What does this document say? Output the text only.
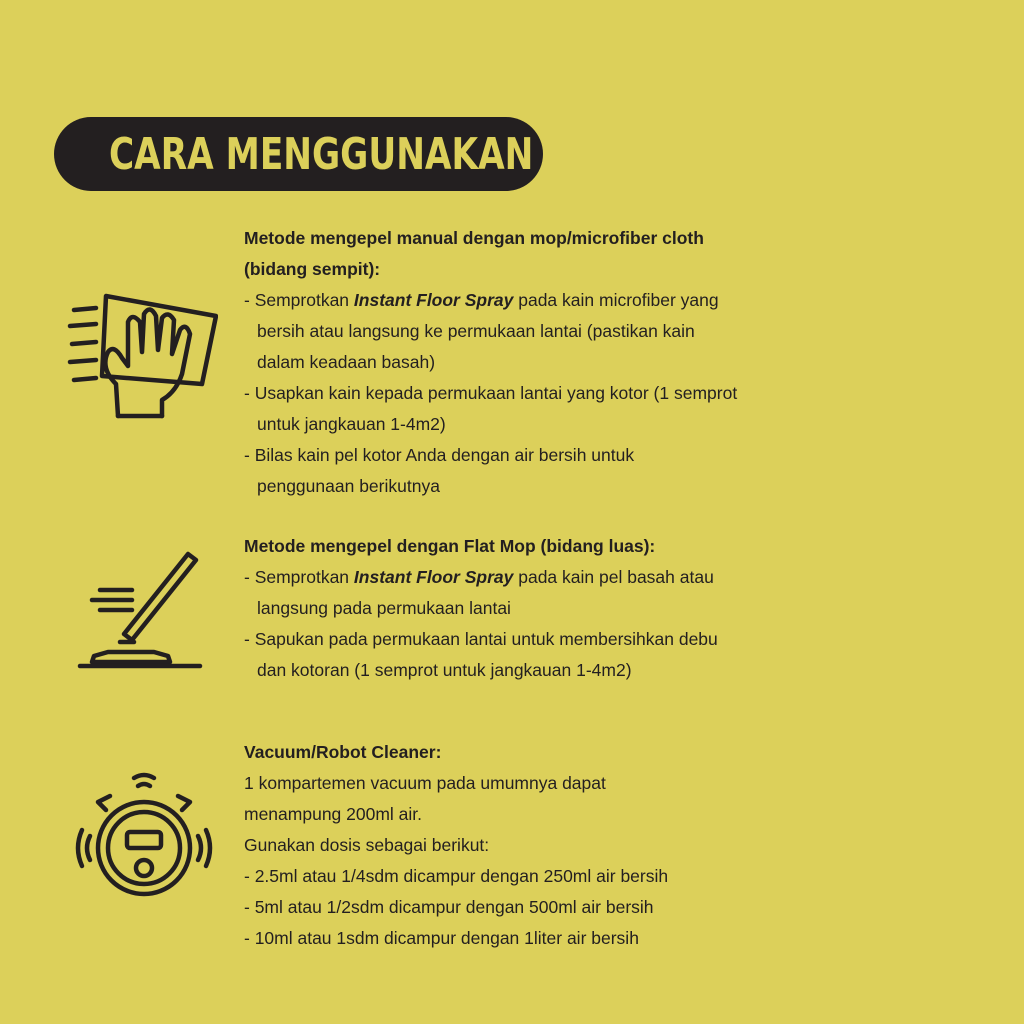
CARA MENGGUNAKAN
Metode mengepel manual dengan mop/microfiber cloth
(bidang sempit):
- Semprotkan Instant Floor Spray pada kain microfiber yang
bersih atau langsung ke permukaan lantai (pastikan kain
dalam keadaan basah)
- Usapkan kain kepada permukaan lantai yang kotor (1 semprot
untuk jangkauan 1-4m2)
- Bilas kain pel kotor Anda dengan air bersih untuk
penggunaan berikutnya
Metode mengepel dengan Flat Mop (bidang luas):
- Semprotkan Instant Floor Spray pada kain pel basah atau
langsung pada permukaan lantai
- Sapukan pada permukaan lantai untuk membersihkan debu
dan kotoran (1 semprot untuk jangkauan 1-4m2)
Vacuum/Robot Cleaner:
1 kompartemen vacuum pada umumnya dapat
menampung 200ml air.
Gunakan dosis sebagai berikut:
- 2.5ml atau 1/4sdm dicampur dengan 250ml air bersih
- 5ml atau 1/2sdm dicampur dengan 500ml air bersih
- 10ml atau 1sdm dicampur dengan 1liter air bersih
